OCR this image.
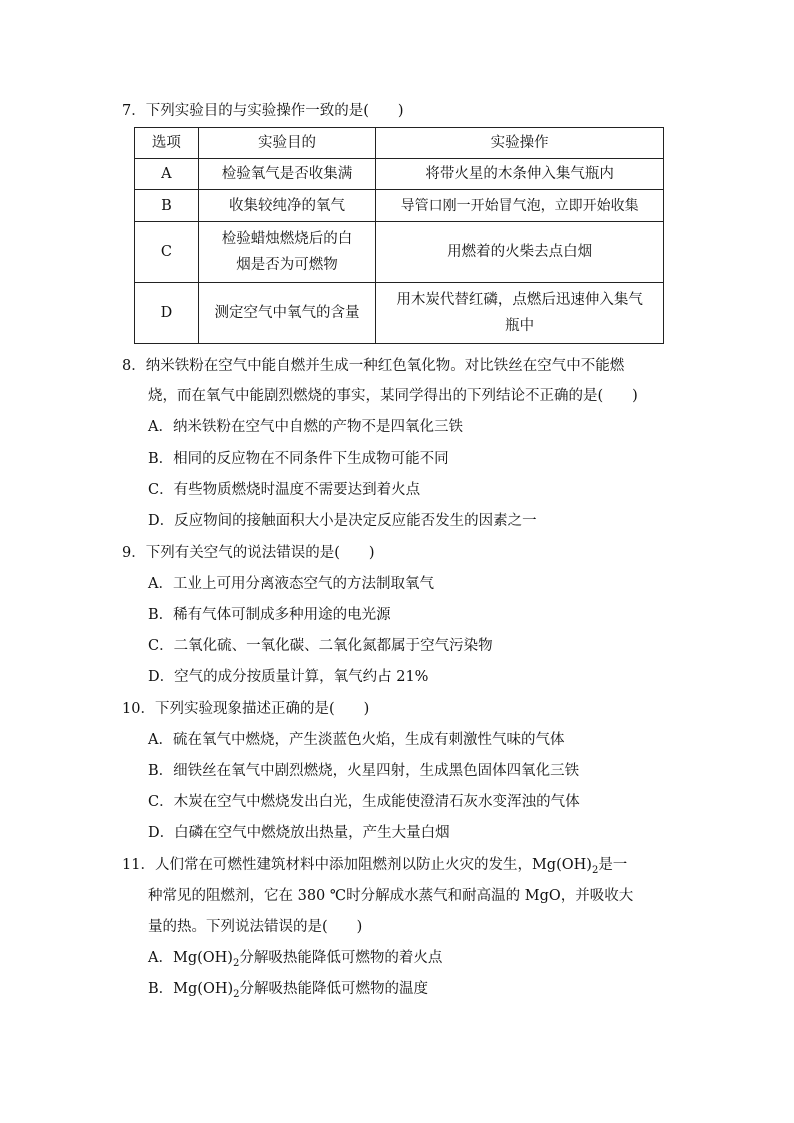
7．下列实验目的与实验操作一致的是(　　)
选项	实验目的	实验操作
A	检验氧气是否收集满	将带火星的木条伸入集气瓶内
B	收集较纯净的氧气	导管口刚一开始冒气泡，立即开始收集
C	检验蜡烛燃烧后的白烟是否为可燃物	用燃着的火柴去点白烟
D	测定空气中氧气的含量	用木炭代替红磷，点燃后迅速伸入集气瓶中
8．纳米铁粉在空气中能自燃并生成一种红色氧化物。对比铁丝在空气中不能燃
烧，而在氧气中能剧烈燃烧的事实，某同学得出的下列结论不正确的是(　　)
A．纳米铁粉在空气中自燃的产物不是四氧化三铁
B．相同的反应物在不同条件下生成物可能不同
C．有些物质燃烧时温度不需要达到着火点
D．反应物间的接触面积大小是决定反应能否发生的因素之一
9．下列有关空气的说法错误的是(　　)
A．工业上可用分离液态空气的方法制取氧气
B．稀有气体可制成多种用途的电光源
C．二氧化硫、一氧化碳、二氧化氮都属于空气污染物
D．空气的成分按质量计算，氧气约占 21%
10．下列实验现象描述正确的是(　　)
A．硫在氧气中燃烧，产生淡蓝色火焰，生成有刺激性气味的气体
B．细铁丝在氧气中剧烈燃烧，火星四射，生成黑色固体四氧化三铁
C．木炭在空气中燃烧发出白光，生成能使澄清石灰水变浑浊的气体
D．白磷在空气中燃烧放出热量，产生大量白烟
11．人们常在可燃性建筑材料中添加阻燃剂以防止火灾的发生，$Mg(OH)_2$是一
种常见的阻燃剂，它在 380 ℃时分解成水蒸气和耐高温的 MgO，并吸收大
量的热。下列说法错误的是(　　)
A．$Mg(OH)_2$分解吸热能降低可燃物的着火点
B．$Mg(OH)_2$分解吸热能降低可燃物的温度
